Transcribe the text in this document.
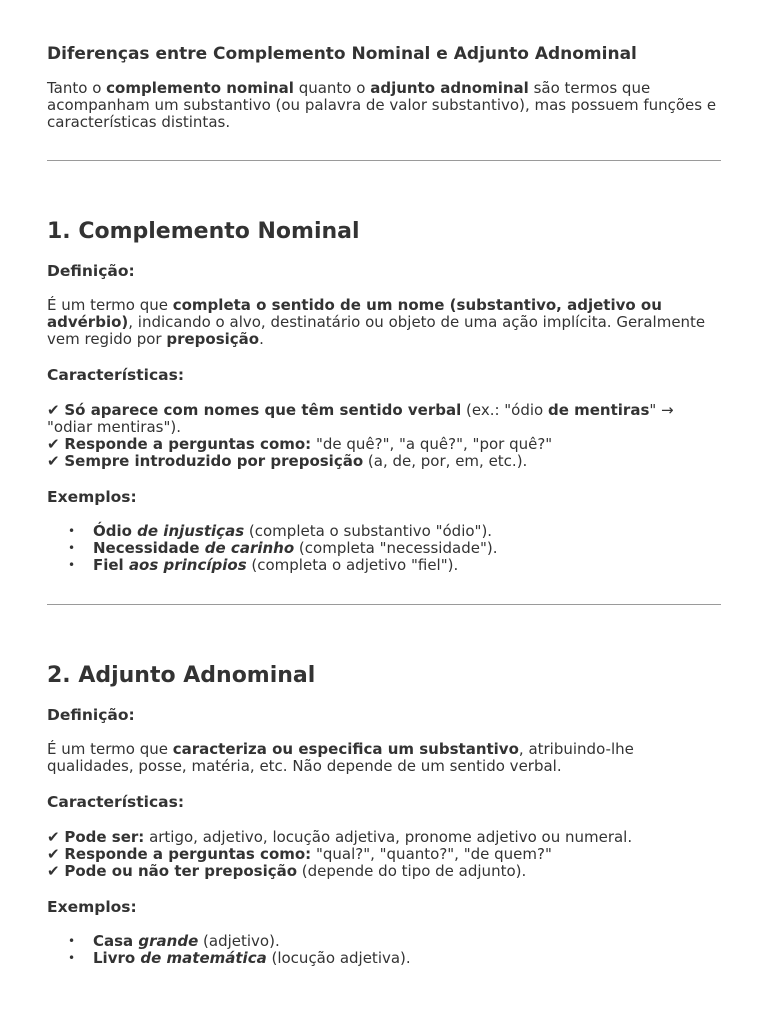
Diferenças entre Complemento Nominal e Adjunto Adnominal

Tanto o complemento nominal quanto o adjunto adnominal são termos que acompanham um substantivo (ou palavra de valor substantivo), mas possuem funções e características distintas.

1. Complemento Nominal
Definição:

É um termo que completa o sentido de um nome (substantivo, adjetivo ou advérbio), indicando o alvo, destinatário ou objeto de uma ação implícita. Geralmente vem regido por preposição.

Características:
✔ Só aparece com nomes que têm sentido verbal (ex.: "ódio de mentiras" → "odiar mentiras").
✔ Responde a perguntas como: "de quê?", "a quê?", "por quê?"
✔ Sempre introduzido por preposição (a, de, por, em, etc.).
Exemplos:
• Ódio de injustiças (completa o substantivo "ódio").
• Necessidade de carinho (completa "necessidade").
• Fiel aos princípios (completa o adjetivo "fiel").
2. Adjunto Adnominal
Definição:

É um termo que caracteriza ou especifica um substantivo, atribuindo-lhe qualidades, posse, matéria, etc. Não depende de um sentido verbal.

Características:
✔ Pode ser: artigo, adjetivo, locução adjetiva, pronome adjetivo ou numeral.
✔ Responde a perguntas como: "qual?", "quanto?", "de quem?"
✔ Pode ou não ter preposição (depende do tipo de adjunto).
Exemplos:
• Casa grande (adjetivo).
• Livro de matemática (locução adjetiva).
